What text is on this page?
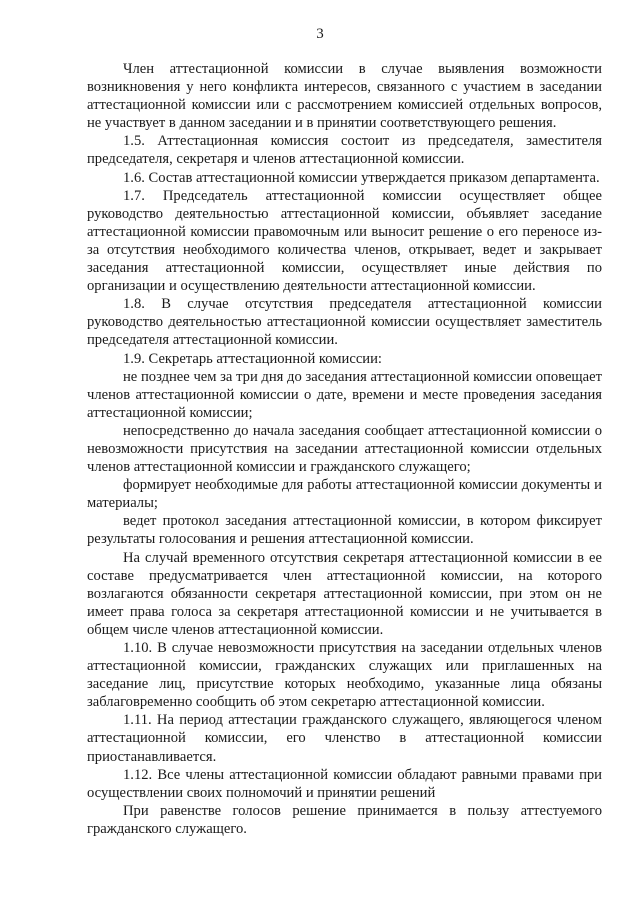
3

Член аттестационной комиссии в случае выявления возможности возникновения у него конфликта интересов, связанного с участием в заседании аттестационной комиссии или с рассмотрением комиссией отдельных вопросов, не участвует в данном заседании и в принятии соответствующего решения.

1.5. Аттестационная комиссия состоит из председателя, заместителя председателя, секретаря и членов аттестационной комиссии.

1.6. Состав аттестационной комиссии утверждается приказом департамента.

1.7. Председатель аттестационной комиссии осуществляет общее руководство деятельностью аттестационной комиссии, объявляет заседание аттестационной комиссии правомочным или выносит решение о его переносе из-за отсутствия необходимого количества членов, открывает, ведет и закрывает заседания аттестационной комиссии, осуществляет иные действия по организации и осуществлению деятельности аттестационной комиссии.

1.8. В случае отсутствия председателя аттестационной комиссии руководство деятельностью аттестационной комиссии осуществляет заместитель председателя аттестационной комиссии.

1.9. Секретарь аттестационной комиссии:

не позднее чем за три дня до заседания аттестационной комиссии оповещает членов аттестационной комиссии о дате, времени и месте проведения заседания аттестационной комиссии;

непосредственно до начала заседания сообщает аттестационной комиссии о невозможности присутствия на заседании аттестационной комиссии отдельных членов аттестационной комиссии и гражданского служащего;

формирует необходимые для работы аттестационной комиссии документы и материалы;

ведет протокол заседания аттестационной комиссии, в котором фиксирует результаты голосования и решения аттестационной комиссии.

На случай временного отсутствия секретаря аттестационной комиссии в ее составе предусматривается член аттестационной комиссии, на которого возлагаются обязанности секретаря аттестационной комиссии, при этом он не имеет права голоса за секретаря аттестационной комиссии и не учитывается в общем числе членов аттестационной комиссии.

1.10. В случае невозможности присутствия на заседании отдельных членов аттестационной комиссии, гражданских служащих или приглашенных на заседание лиц, присутствие которых необходимо, указанные лица обязаны заблаговременно сообщить об этом секретарю аттестационной комиссии.

1.11. На период аттестации гражданского служащего, являющегося членом аттестационной комиссии, его членство в аттестационной комиссии приостанавливается.

1.12. Все члены аттестационной комиссии обладают равными правами при осуществлении своих полномочий и принятии решений

При равенстве голосов решение принимается в пользу аттестуемого гражданского служащего.
